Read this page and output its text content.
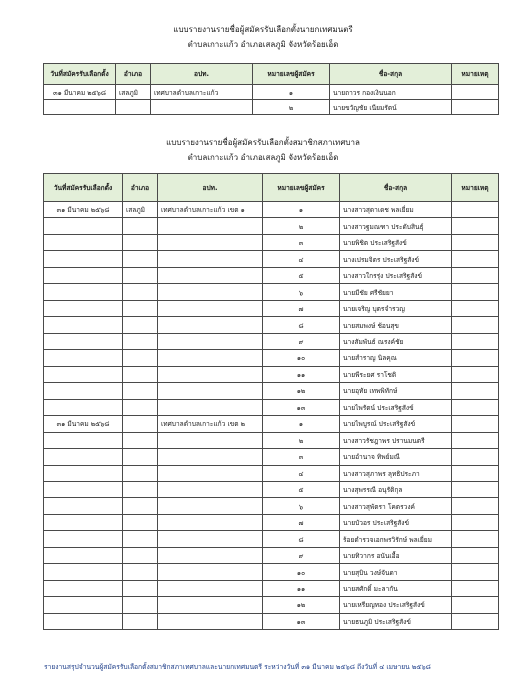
แบบรายงานรายชื่อผู้สมัครรับเลือกตั้งนายกเทศมนตรี
ตำบลเกาะแก้ว อำเภอเสลภูมิ จังหวัดร้อยเอ็ด
วันที่สมัครรับเลือกตั้ง	อำเภอ	อปท.	หมายเลขผู้สมัคร	ชื่อ-สกุล	หมายเหตุ
๓๑ มีนาคม ๒๕๖๘	เสลภูมิ	เทศบาลตำบลเกาะแก้ว	๑	นายถาวร กองเงินนอก	
			๒	นายขวัญชัย เนียมรัตน์	
แบบรายงานรายชื่อผู้สมัครรับเลือกตั้งสมาชิกสภาเทศบาล
ตำบลเกาะแก้ว อำเภอเสลภูมิ จังหวัดร้อยเอ็ด
วันที่สมัครรับเลือกตั้ง	อำเภอ	อปท.	หมายเลขผู้สมัคร	ชื่อ-สกุล	หมายเหตุ
๓๑ มีนาคม ๒๕๖๘	เสลภูมิ	เทศบาลตำบลเกาะแก้ว เขต ๑	๑	นางสาวสุดาเดช พลเยี่ยม	
			๒	นางสาวฐมณฑา ประดับสินธุ์	
			๓	นายพิชิต ประเสริฐสังข์	
			๔	นางเปรมจิตร ประเสริฐสังข์	
			๕	นางสาวใกรรุ่ง ประเสริฐสังข์	
			๖	นายมีชัย ศรีชัยยา	
			๗	นายเจริญ บุตรจำรวญ	
			๘	นายสมพงษ์ ช้อนสุข	
			๙	นางสัมพันธ์ ณรงค์ชัย	
			๑๐	นายสำราญ นิลคุณ	
			๑๑	นายพีระยศ ราโชติ	
			๑๒	นายอุทัย เทพพิทักษ์	
			๑๓	นายไพรัตน์ ประเสริฐสังข์	
๓๑ มีนาคม ๒๕๖๘		เทศบาลตำบลเกาะแก้ว เขต ๒	๑	นายไพบูรณ์ ประเสริฐสังข์	
			๒	นางสาวรัชฎาพร ปรานมนตรี	
			๓	นายอำนาจ ทิพย์มณี	
			๔	นางสาวสุภาพร ลุทธิประภา	
			๕	นางสุพรรณี อนุรัติกุล	
			๖	นางสาวสุพัตรา โคตรวงค์	
			๗	นายบัวอร ประเสริฐสังข์	
			๘	ร้อยตำรวจเอกพรวิรักษ์ พลเยี่ยม	
			๙	นายทิวากร อนันเอื้อ	
			๑๐	นายสุบิน วงษ์จันดา	
			๑๑	นายสศักดิ์ มะลากัน	
			๑๒	นายเหรียญทอง ประเสริฐสังข์	
			๑๓	นายธนภูมิ ประเสริฐสังข์	
รายงานสรุปจำนวนผู้สมัครรับเลือกตั้งสมาชิกสภาเทศบาลและนายกเทศมนตรี ระหว่างวันที่ ๓๑ มีนาคม ๒๕๖๘ ถึงวันที่ ๔ เมษายน ๒๕๖๘
